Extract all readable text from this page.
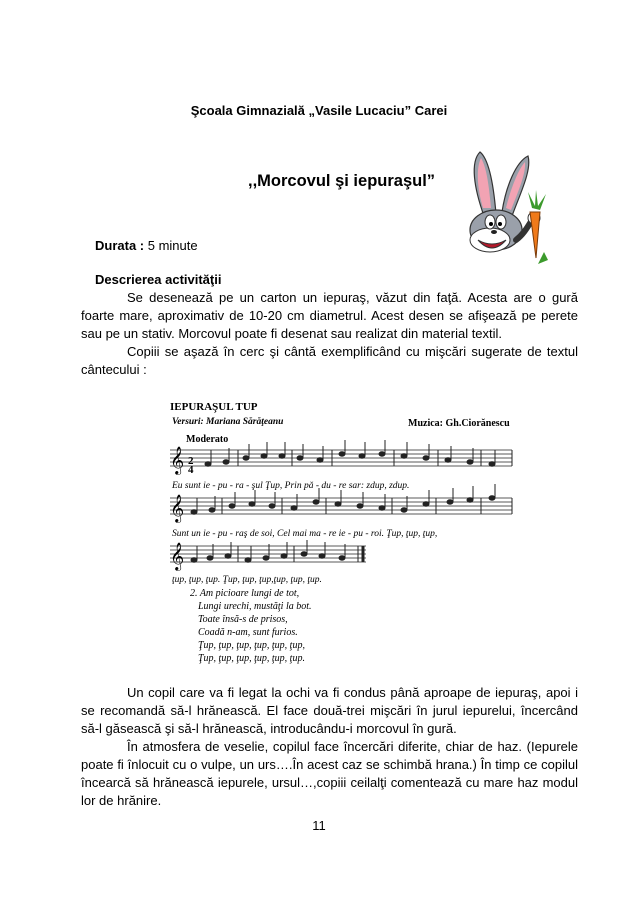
Şcoala Gimnazială „Vasile Lucaciu” Carei
,,Morcovul şi iepuraşul”
Durata : 5 minute
Descrierea activităţii
Se desenează pe un carton un iepuraş, văzut din faţă. Acesta are o gură foarte mare, aproximativ de 10-20 cm diametrul. Acest desen se afişează pe perete sau pe un stativ. Morcovul poate fi desenat sau realizat din material textil.
Copiii se aşază în cerc şi cântă exemplificând cu mişcări sugerate de textul cântecului :
IEPURAŞUL TUP
Muzica: Gh.Ciorănescu
Versuri: Mariana Sărăţeanu
Moderato
𝄞 2
4
Eu sunt ie - pu - ra - şul Ţup, Prin pă - du - re sar: zdup, zdup.
𝄞
Sunt un ie - pu - raş de soi, Cel mai ma - re ie - pu - roi. Ţup, ţup, ţup,
𝄞
ţup, ţup, ţup. Ţup, ţup, ţup,ţup, ţup, ţup.
2. Am picioare lungi de tot,
Lungi urechi, mustăţi la bot.
Toate însă-s de prisos,
Coadă n-am, sunt furios.
Ţup, ţup, ţup, ţup, ţup, ţup,
Ţup, ţup, ţup, ţup, ţup, ţup.
Un copil care va fi legat la ochi va fi condus până aproape de iepuraş, apoi i se recomandă să-l hrănească. El face două-trei mişcări în jurul iepurelui, încercând să-l găsească şi să-l hrănească, introducându-i morcovul în gură.
În atmosfera de veselie, copilul face încercări diferite, chiar de haz. (Iepurele poate fi înlocuit cu o vulpe, un urs….În acest caz se schimbă hrana.) În timp ce copilul încearcă să hrănească iepurele, ursul…,copiii ceilalţi comentează cu mare haz modul lor de hrănire.
11
